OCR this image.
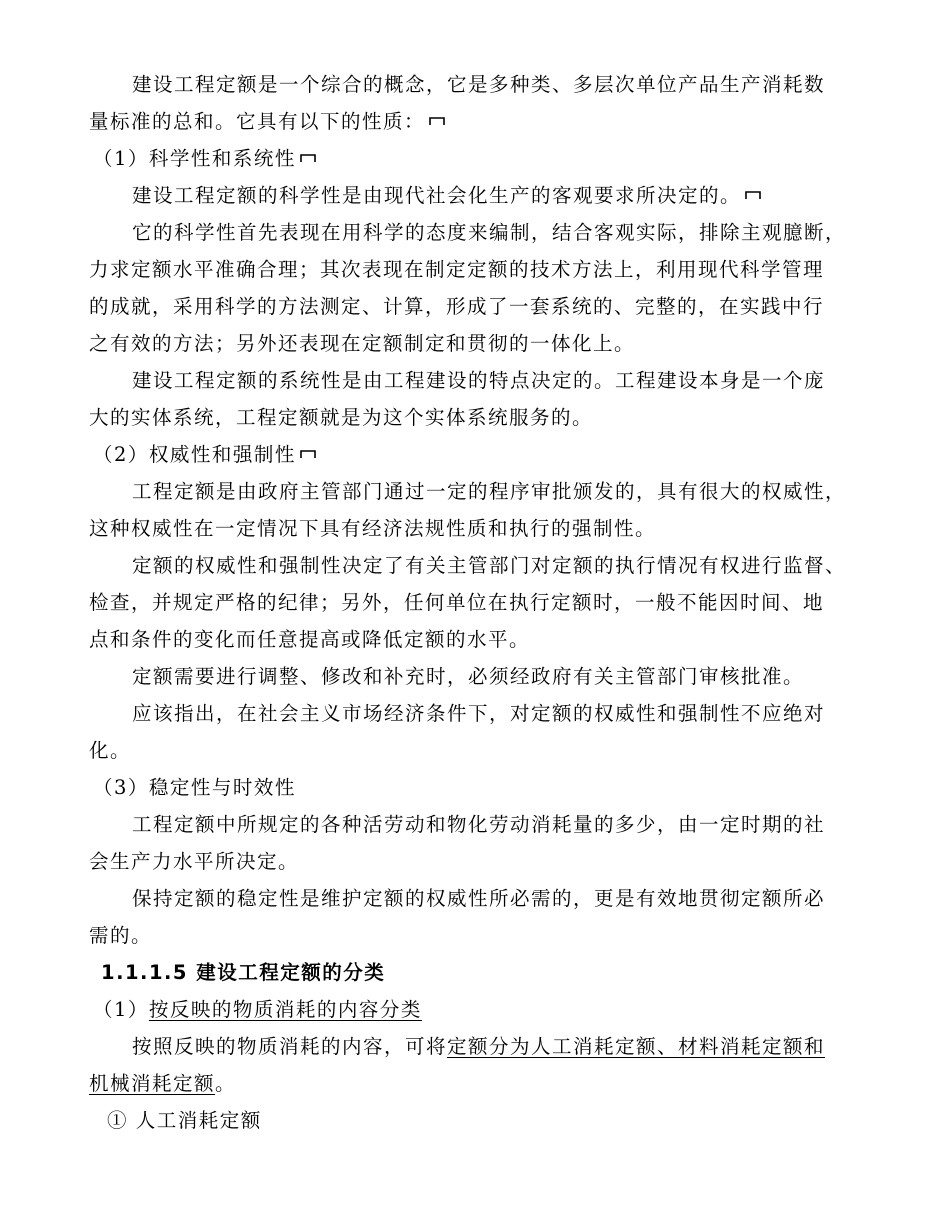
建设工程定额是一个综合的概念，它是多种类、多层次单位产品生产消耗数
量标准的总和。它具有以下的性质：
（1）科学性和系统性
建设工程定额的科学性是由现代社会化生产的客观要求所决定的。
它的科学性首先表现在用科学的态度来编制，结合客观实际，排除主观臆断，
力求定额水平准确合理；其次表现在制定定额的技术方法上，利用现代科学管理
的成就，采用科学的方法测定、计算，形成了一套系统的、完整的，在实践中行
之有效的方法；另外还表现在定额制定和贯彻的一体化上。
建设工程定额的系统性是由工程建设的特点决定的。工程建设本身是一个庞
大的实体系统，工程定额就是为这个实体系统服务的。
（2）权威性和强制性
工程定额是由政府主管部门通过一定的程序审批颁发的，具有很大的权威性，
这种权威性在一定情况下具有经济法规性质和执行的强制性。
定额的权威性和强制性决定了有关主管部门对定额的执行情况有权进行监督、
检查，并规定严格的纪律；另外，任何单位在执行定额时，一般不能因时间、地
点和条件的变化而任意提高或降低定额的水平。
定额需要进行调整、修改和补充时，必须经政府有关主管部门审核批准。
应该指出，在社会主义市场经济条件下，对定额的权威性和强制性不应绝对
化。
（3）稳定性与时效性
工程定额中所规定的各种活劳动和物化劳动消耗量的多少，由一定时期的社
会生产力水平所决定。
保持定额的稳定性是维护定额的权威性所必需的，更是有效地贯彻定额所必
需的。
1.1.1.5 建设工程定额的分类
（1）按反映的物质消耗的内容分类
按照反映的物质消耗的内容，可将定额分为人工消耗定额、材料消耗定额和
机械消耗定额。
① 人工消耗定额
